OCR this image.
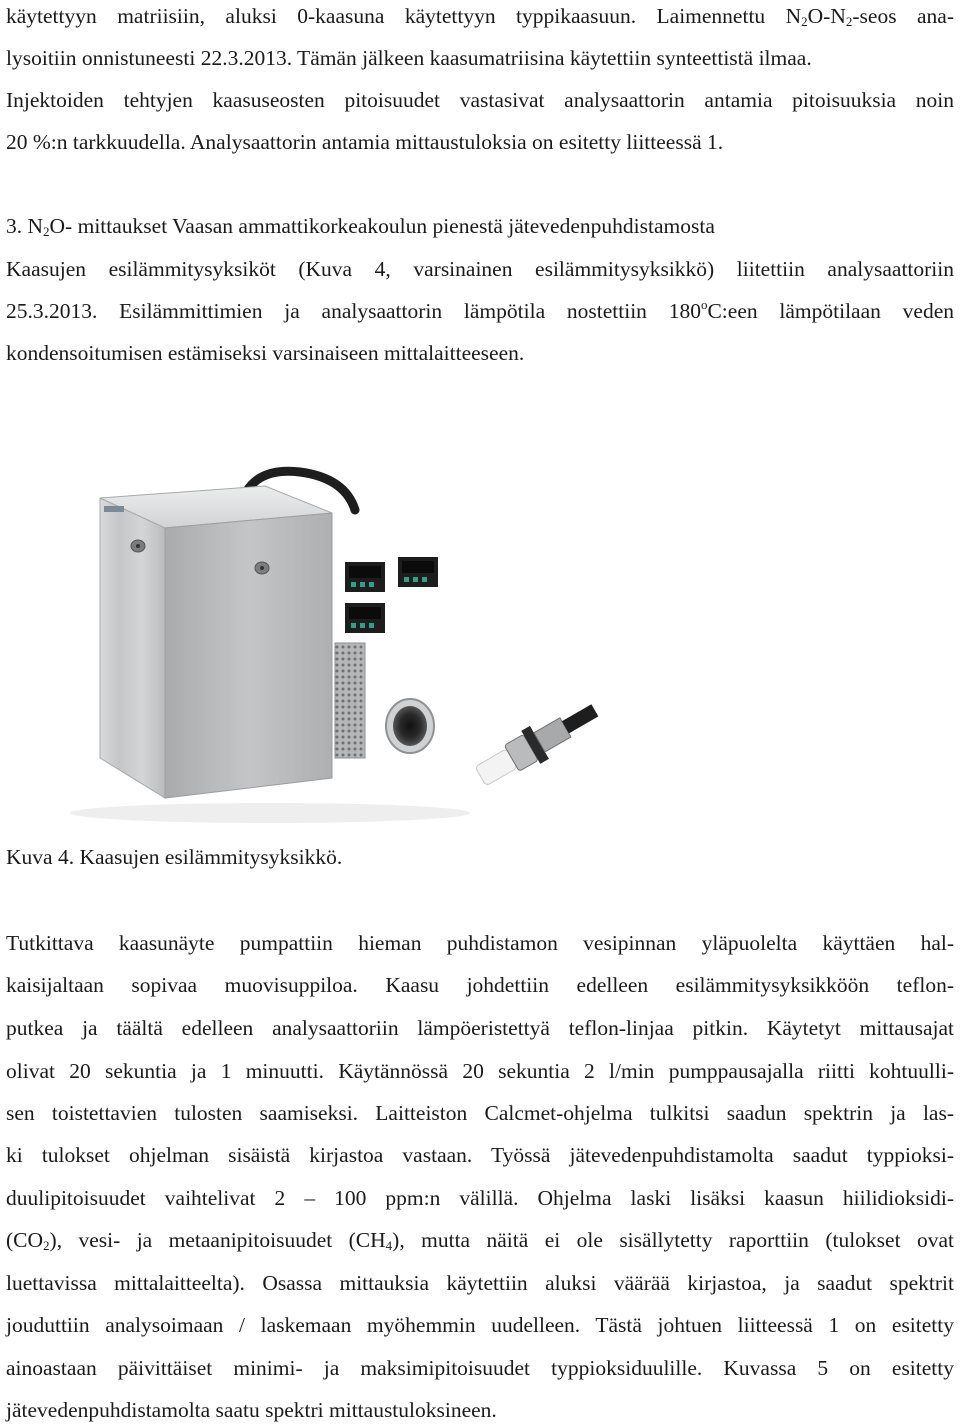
käytettyyn matriisiin, aluksi 0-kaasuna käytettyyn typpikaasuun. Laimennettu $N_2O-N_2$-seos ana-
lysoitiin onnistuneesti 22.3.2013. Tämän jälkeen kaasumatriisina käytettiin synteettistä ilmaa.
Injektoiden tehtyjen kaasuseosten pitoisuudet vastasivat analysaattorin antamia pitoisuuksia noin
20 %:n tarkkuudella. Analysaattorin antamia mittaustuloksia on esitetty liitteessä 1.
3. $N_2O-$ mittaukset Vaasan ammattikorkeakoulun pienestä jätevedenpuhdistamosta
Kaasujen esilämmitysyksiköt (Kuva 4, varsinainen esilämmitysyksikkö) liitettiin analysaattoriin
25.3.2013. Esilämmittimien ja analysaattorin lämpötila nostettiin 180$^o$C:een lämpötilaan veden
kondensoitumisen estämiseksi varsinaiseen mittalaitteeseen.
Kuva 4. Kaasujen esilämmitysyksikkö.
Tutkittava kaasunäyte pumpattiin hieman puhdistamon vesipinnan yläpuolelta käyttäen hal-
kaisijaltaan sopivaa muovisuppiloa. Kaasu johdettiin edelleen esilämmitysyksikköön teflon-
putkea ja täältä edelleen analysaattoriin lämpöeristettyä teflon-linjaa pitkin. Käytetyt mittausajat
olivat 20 sekuntia ja 1 minuutti. Käytännössä 20 sekuntia 2 l/min pumppausajalla riitti kohtuulli-
sen toistettavien tulosten saamiseksi. Laitteiston Calcmet-ohjelma tulkitsi saadun spektrin ja las-
ki tulokset ohjelman sisäistä kirjastoa vastaan. Työssä jätevedenpuhdistamolta saadut typpioksi-
duulipitoisuudet vaihtelivat 2 – 100 ppm:n välillä. Ohjelma laski lisäksi kaasun hiilidioksidi-
$(CO_2)$, vesi- ja metaanipitoisuudet $(CH_4)$, mutta näitä ei ole sisällytetty raporttiin (tulokset ovat
luettavissa mittalaitteelta). Osassa mittauksia käytettiin aluksi väärää kirjastoa, ja saadut spektrit
jouduttiin analysoimaan / laskemaan myöhemmin uudelleen. Tästä johtuen liitteessä 1 on esitetty
ainoastaan päivittäiset minimi- ja maksimipitoisuudet typpioksiduulille. Kuvassa 5 on esitetty
jätevedenpuhdistamolta saatu spektri mittaustuloksineen.
